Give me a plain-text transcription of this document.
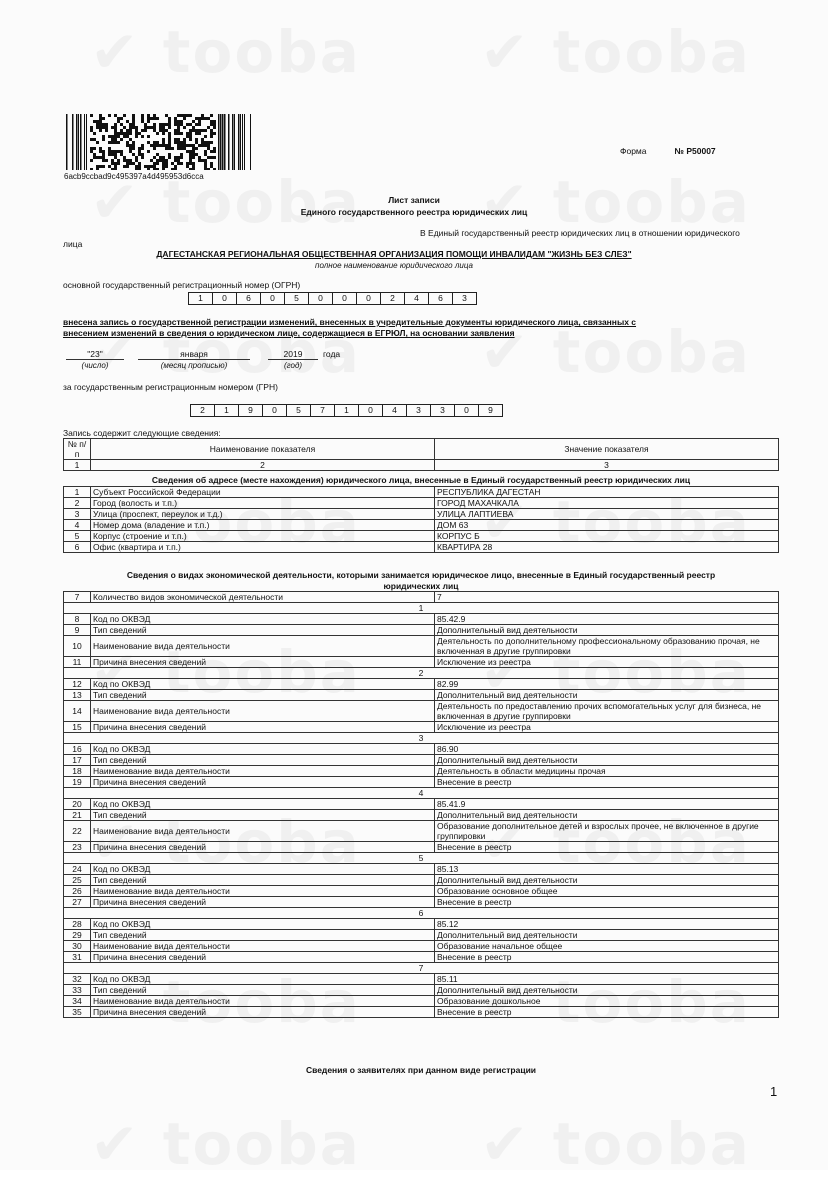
6acb9ccbad9c495397a4d495953d6cca
Форма	№ Р50007
Лист записи
Единого государственного реестра юридических лиц
В Единый государственный реестр юридических лиц в отношении юридического
лица
ДАГЕСТАНСКАЯ РЕГИОНАЛЬНАЯ ОБЩЕСТВЕННАЯ ОРГАНИЗАЦИЯ ПОМОЩИ ИНВАЛИДАМ "ЖИЗНЬ БЕЗ СЛЕЗ"
полное наименование юридического лица
основной государственный регистрационный номер (ОГРН)
1	0	6	0	5	0	0	0	2	4	6	3
внесена запись о государственной регистрации изменений, внесенных в учредительные документы юридического лица, связанных с
внесением изменений в сведения о юридическом лице, содержащиеся в ЕГРЮЛ, на основании заявления
"23"	января	2019	года
(число)	(месяц прописью)	(год)
за государственным регистрационным номером (ГРН)
2	1	9	0	5	7	1	0	4	3	3	0	9
Запись содержит следующие сведения:
№ п/п	Наименование показателя	Значение показателя
1	2	3
Сведения об адресе (месте нахождения) юридического лица, внесенные в Единый государственный реестр юридических лиц
1	Субъект Российской Федерации	РЕСПУБЛИКА ДАГЕСТАН
2	Город (волость и т.п.)	ГОРОД МАХАЧКАЛА
3	Улица (проспект, переулок и т.д.)	УЛИЦА ЛАПТИЕВА
4	Номер дома (владение и т.п.)	ДОМ 63
5	Корпус (строение и т.п.)	КОРПУС Б
6	Офис (квартира и т.п.)	КВАРТИРА 28
Сведения о видах экономической деятельности, которыми занимается юридическое лицо, внесенные в Единый государственный реестр
юридических лиц
7	Количество видов экономической деятельности	7
1		
8	Код по ОКВЭД	85.42.9
9	Тип сведений	Дополнительный вид деятельности
10	Наименование вида деятельности	Деятельность по дополнительному профессиональному образованию прочая, не включенная в другие группировки
11	Причина внесения сведений	Исключение из реестра
2		
12	Код по ОКВЭД	82.99
13	Тип сведений	Дополнительный вид деятельности
14	Наименование вида деятельности	Деятельность по предоставлению прочих вспомогательных услуг для бизнеса, не включенная в другие группировки
15	Причина внесения сведений	Исключение из реестра
3		
16	Код по ОКВЭД	86.90
17	Тип сведений	Дополнительный вид деятельности
18	Наименование вида деятельности	Деятельность в области медицины прочая
19	Причина внесения сведений	Внесение в реестр
4		
20	Код по ОКВЭД	85.41.9
21	Тип сведений	Дополнительный вид деятельности
22	Наименование вида деятельности	Образование дополнительное детей и взрослых прочее, не включенное в другие группировки
23	Причина внесения сведений	Внесение в реестр
5		
24	Код по ОКВЭД	85.13
25	Тип сведений	Дополнительный вид деятельности
26	Наименование вида деятельности	Образование основное общее
27	Причина внесения сведений	Внесение в реестр
6		
28	Код по ОКВЭД	85.12
29	Тип сведений	Дополнительный вид деятельности
30	Наименование вида деятельности	Образование начальное общее
31	Причина внесения сведений	Внесение в реестр
7		
32	Код по ОКВЭД	85.11
33	Тип сведений	Дополнительный вид деятельности
34	Наименование вида деятельности	Образование дошкольное
35	Причина внесения сведений	Внесение в реестр
Сведения о заявителях при данном виде регистрации
1
